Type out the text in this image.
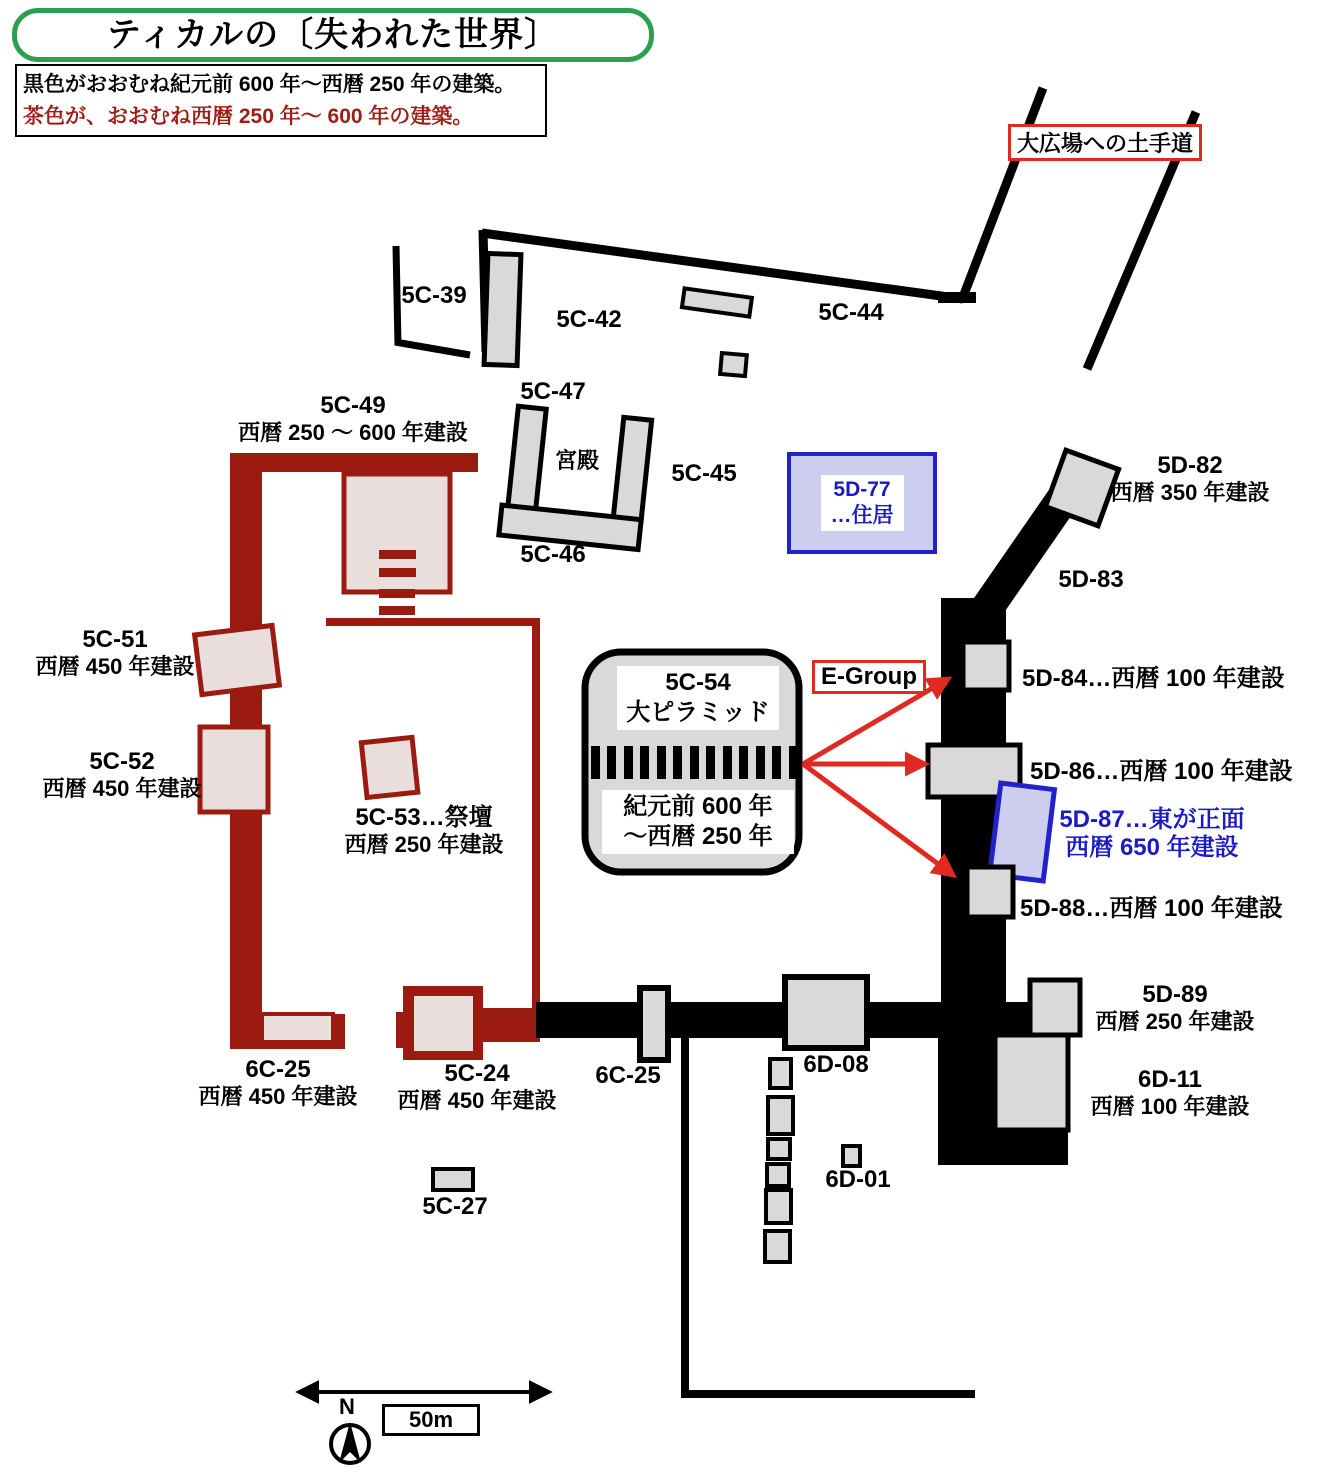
ティカルの〔失われた世界〕
黒色がおおむね紀元前 600 年～西暦 250 年の建築。
茶色が、おおむね西暦 250 年～ 600 年の建築。
大広場への土手道
E-Group
5D-77
…住居
5C-54
大ピラミッド
紀元前 600 年
～西暦 250 年
5C-39
5C-42	5C-44
5C-47
宮殿	5C-45
5C-46
5C-49
西暦 250 ～ 600 年建設
5C-51
西暦 450 年建設
5C-52
西暦 450 年建設
5C-53…祭壇
西暦 250 年建設
5D-82
西暦 350 年建設
5D-83
5D-84…西暦 100 年建設
5D-86…西暦 100 年建設
5D-87…東が正面
西暦 650 年建設
5D-88…西暦 100 年建設
5D-89
西暦 250 年建設
6D-11
西暦 100 年建設
6D-08
6D-01
6C-25
西暦 450 年建設
5C-24
西暦 450 年建設
6C-25
5C-27
N
50m
